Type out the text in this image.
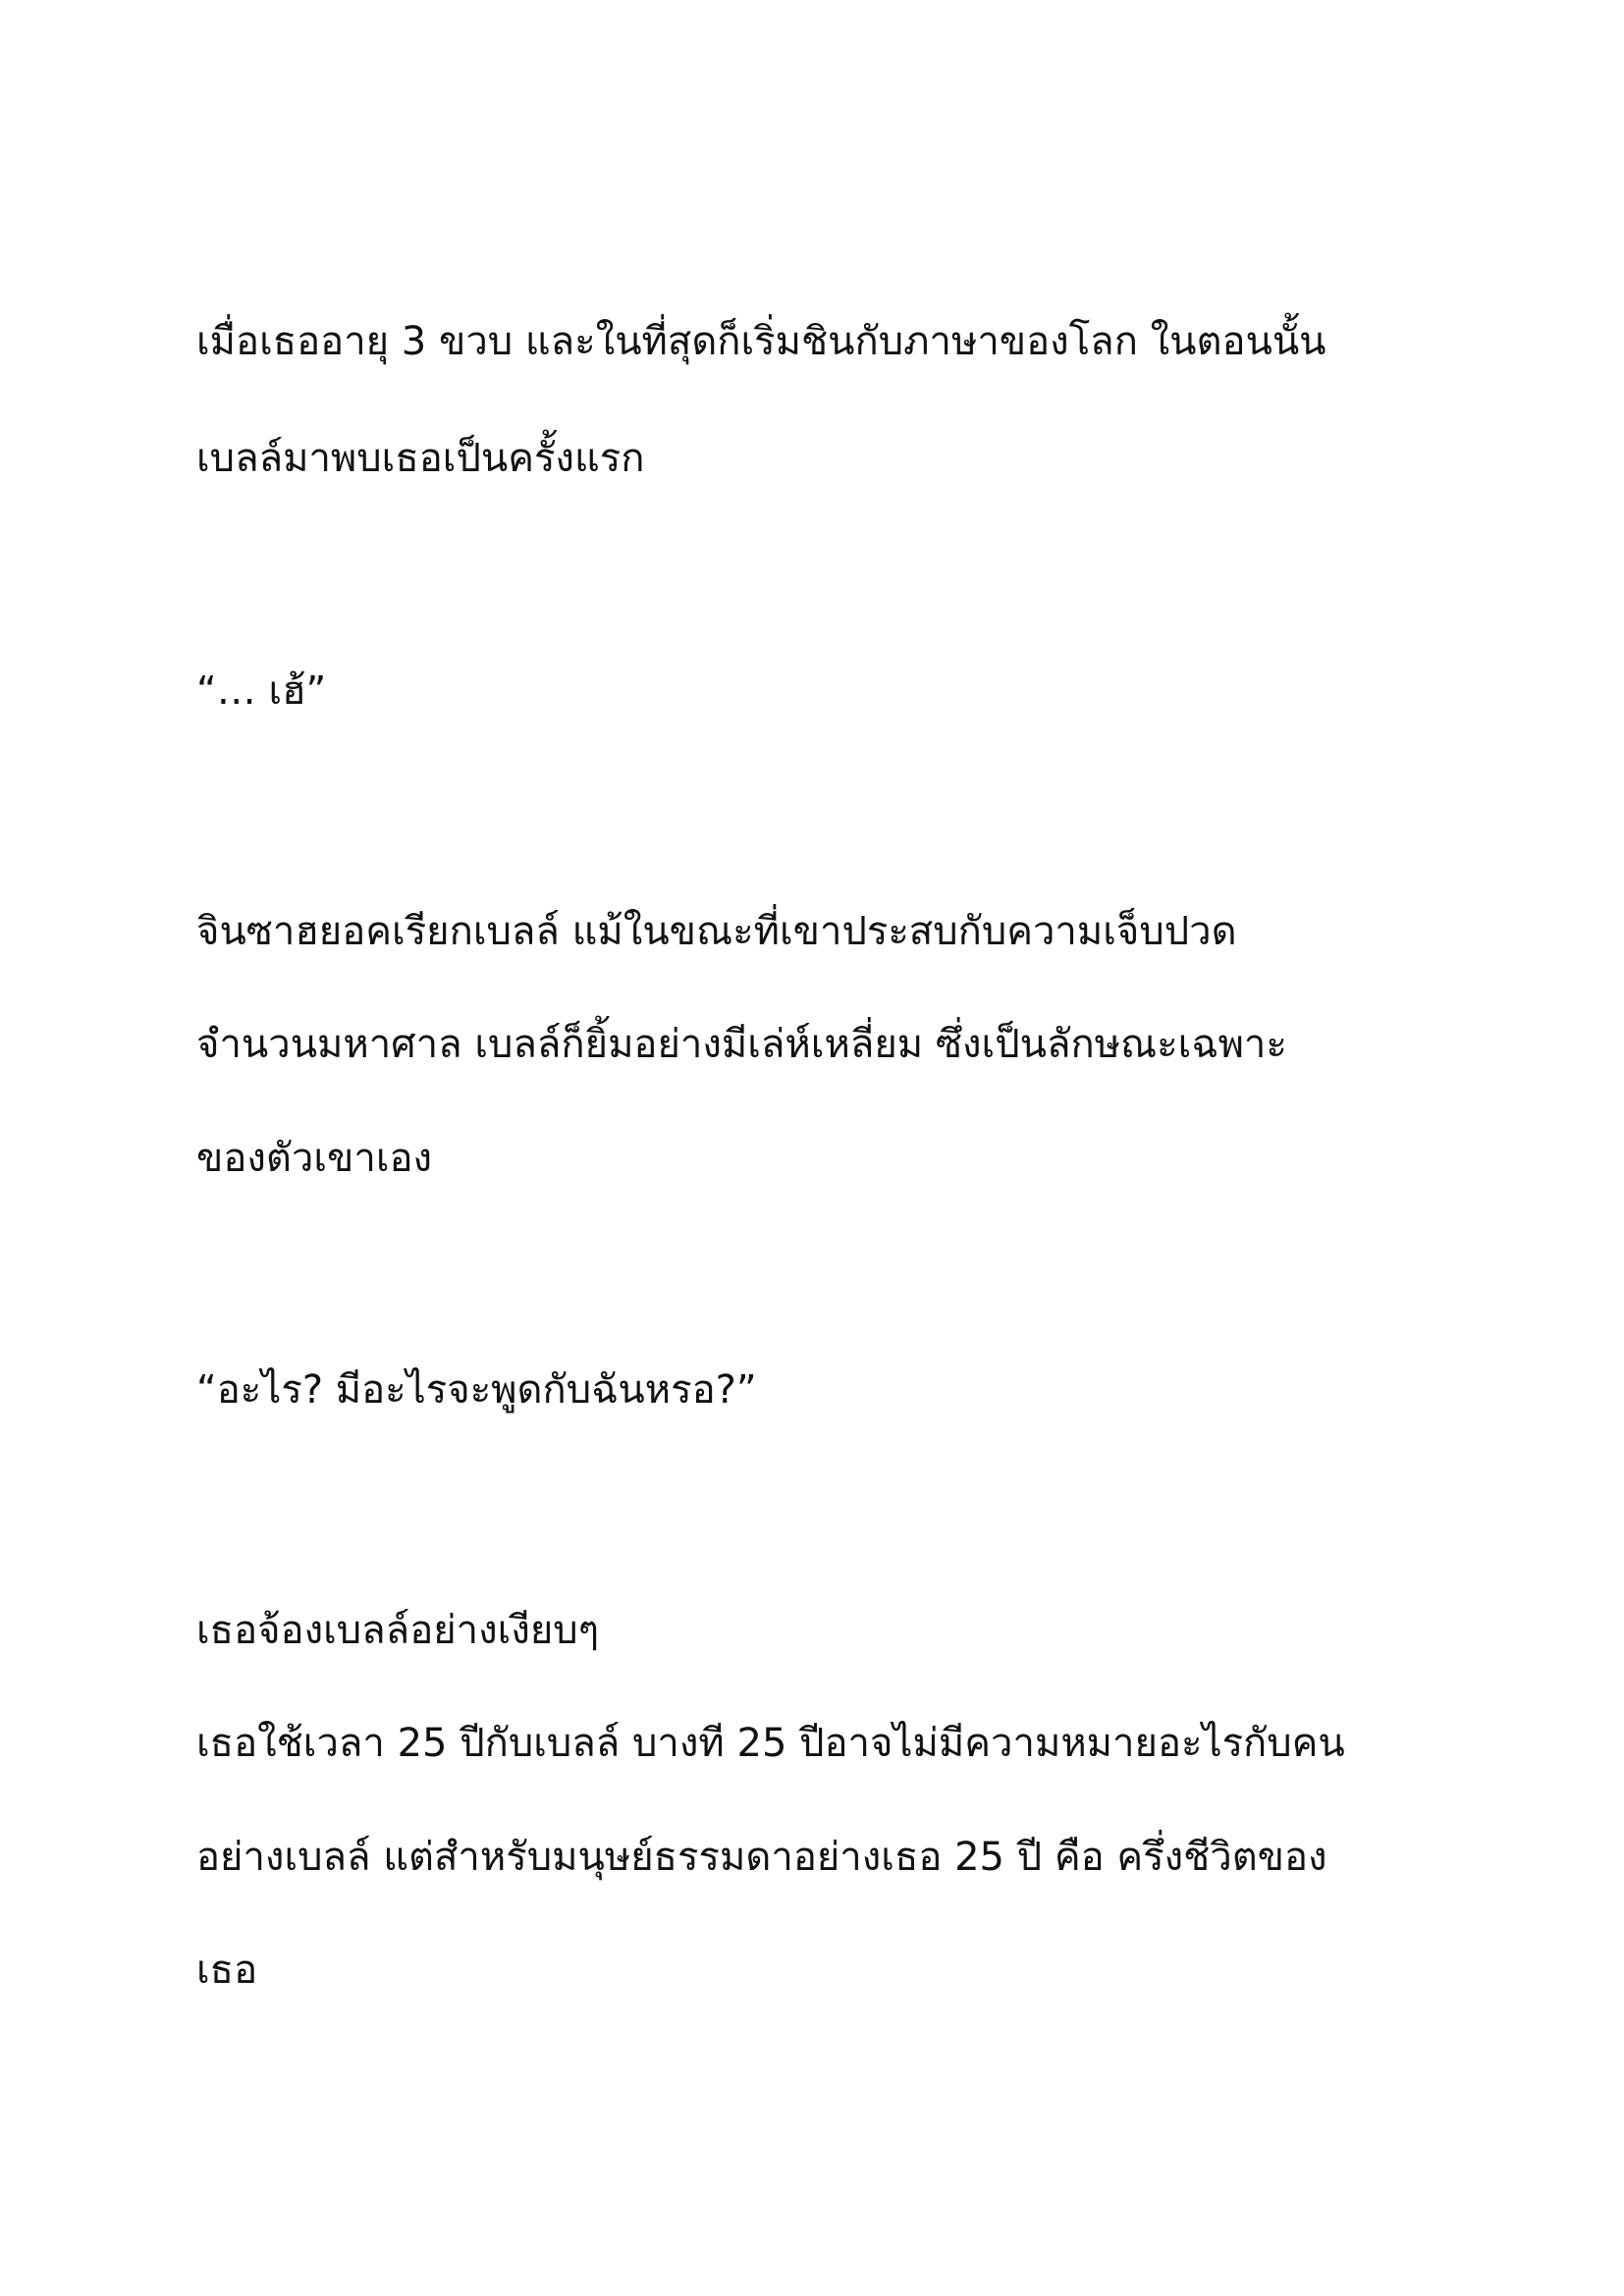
เมื่อเธออายุ 3 ขวบ และในที่สุดก็เริ่มชินกับภาษาของโลก ในตอนนั้น

เบลล์มาพบเธอเป็นครั้งแรก

“… เฮ้”

จินซาฮยอคเรียกเบลล์ แม้ในขณะที่เขาประสบกับความเจ็บปวด

จำนวนมหาศาล เบลล์ก็ยิ้มอย่างมีเล่ห์เหลี่ยม ซึ่งเป็นลักษณะเฉพาะ

ของตัวเขาเอง

“อะไร? มีอะไรจะพูดกับฉันหรอ?”

เธอจ้องเบลล์อย่างเงียบๆ

เธอใช้เวลา 25 ปีกับเบลล์ บางที 25 ปีอาจไม่มีความหมายอะไรกับคน

อย่างเบลล์ แต่สำหรับมนุษย์ธรรมดาอย่างเธอ 25 ปี คือ ครึ่งชีวิตของ

เธอ
